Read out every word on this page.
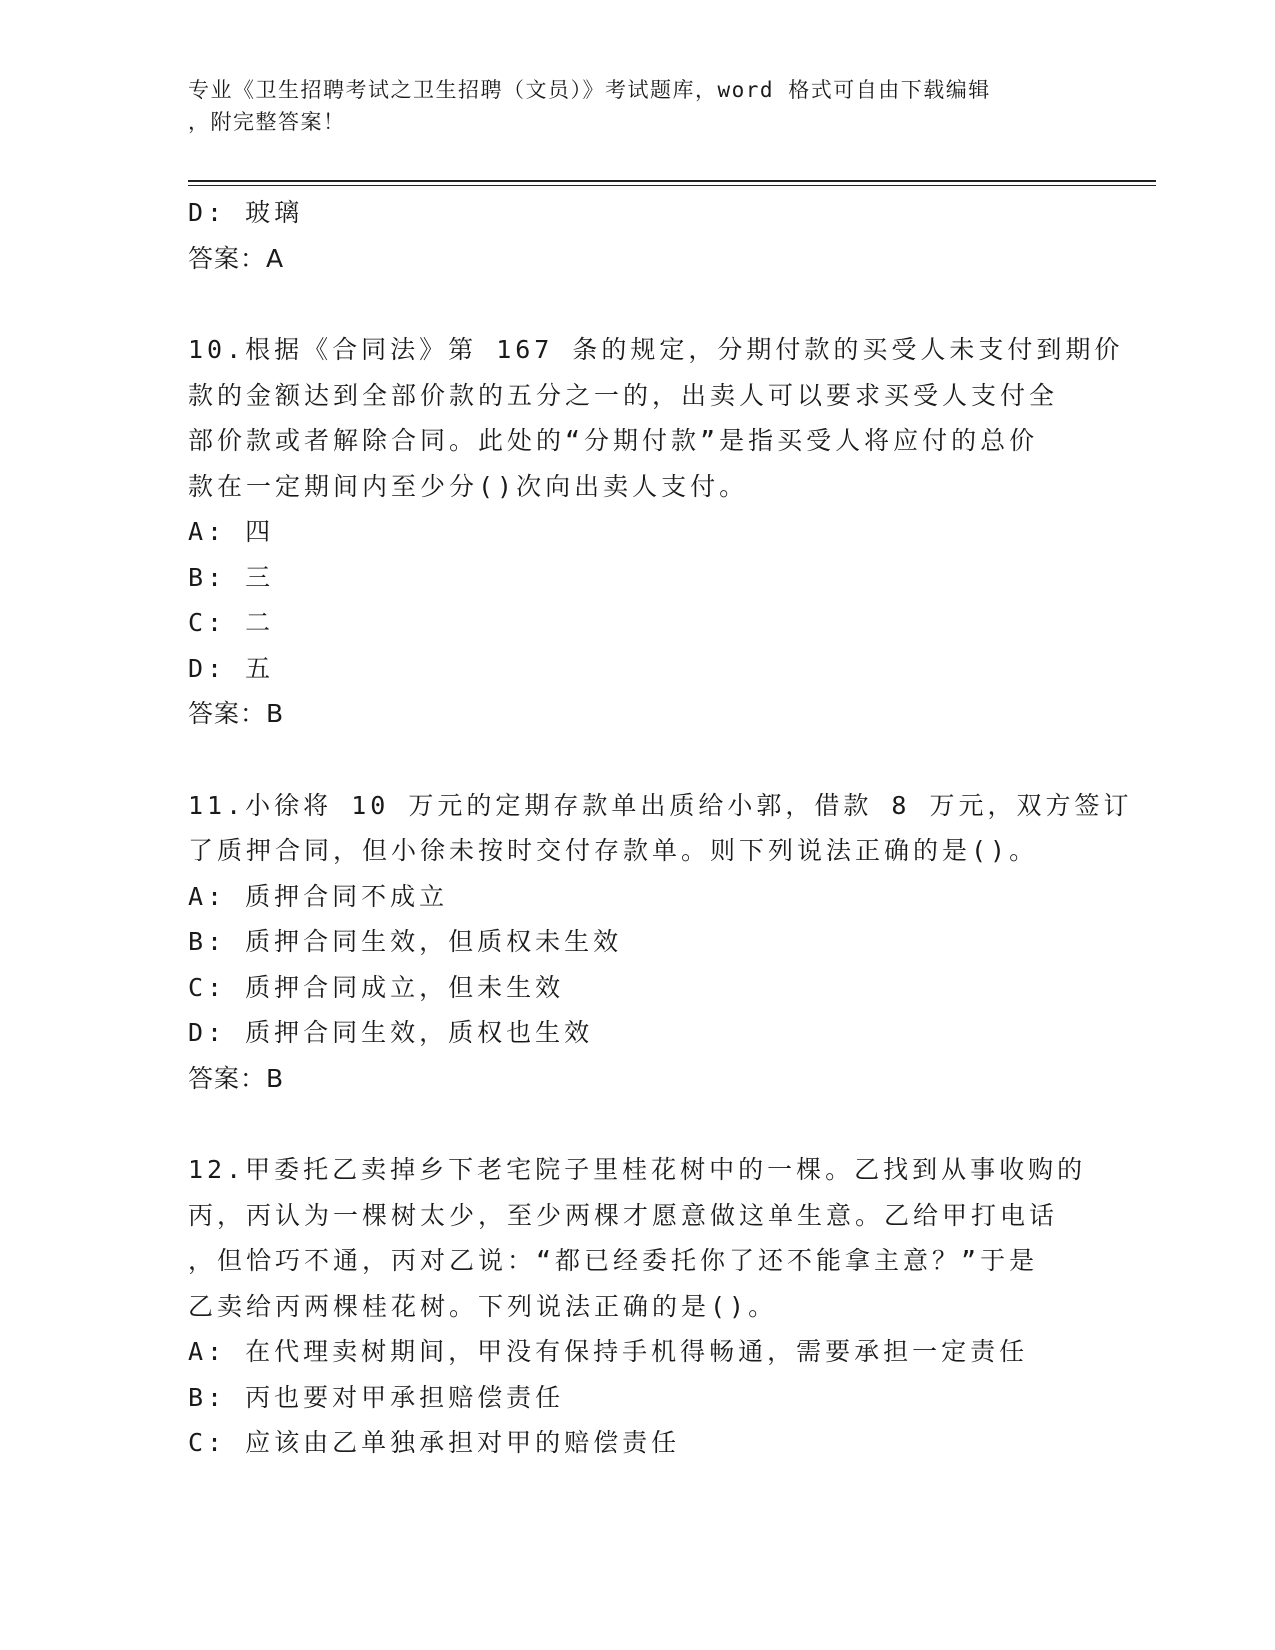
专业《卫生招聘考试之卫生招聘（文员）》考试题库，word 格式可自由下载编辑
，附完整答案！
D: 玻璃
答案：A
10.根据《合同法》第 167 条的规定，分期付款的买受人未支付到期价
款的金额达到全部价款的五分之一的，出卖人可以要求买受人支付全
部价款或者解除合同。此处的“分期付款”是指买受人将应付的总价
款在一定期间内至少分()次向出卖人支付。
A: 四
B: 三
C: 二
D: 五
答案：B
11.小徐将 10 万元的定期存款单出质给小郭，借款 8 万元，双方签订
了质押合同，但小徐未按时交付存款单。则下列说法正确的是()。
A: 质押合同不成立
B: 质押合同生效，但质权未生效
C: 质押合同成立，但未生效
D: 质押合同生效，质权也生效
答案：B
12.甲委托乙卖掉乡下老宅院子里桂花树中的一棵。乙找到从事收购的
丙，丙认为一棵树太少，至少两棵才愿意做这单生意。乙给甲打电话
，但恰巧不通，丙对乙说：“都已经委托你了还不能拿主意？”于是
乙卖给丙两棵桂花树。下列说法正确的是()。
A: 在代理卖树期间，甲没有保持手机得畅通，需要承担一定责任
B: 丙也要对甲承担赔偿责任
C: 应该由乙单独承担对甲的赔偿责任
